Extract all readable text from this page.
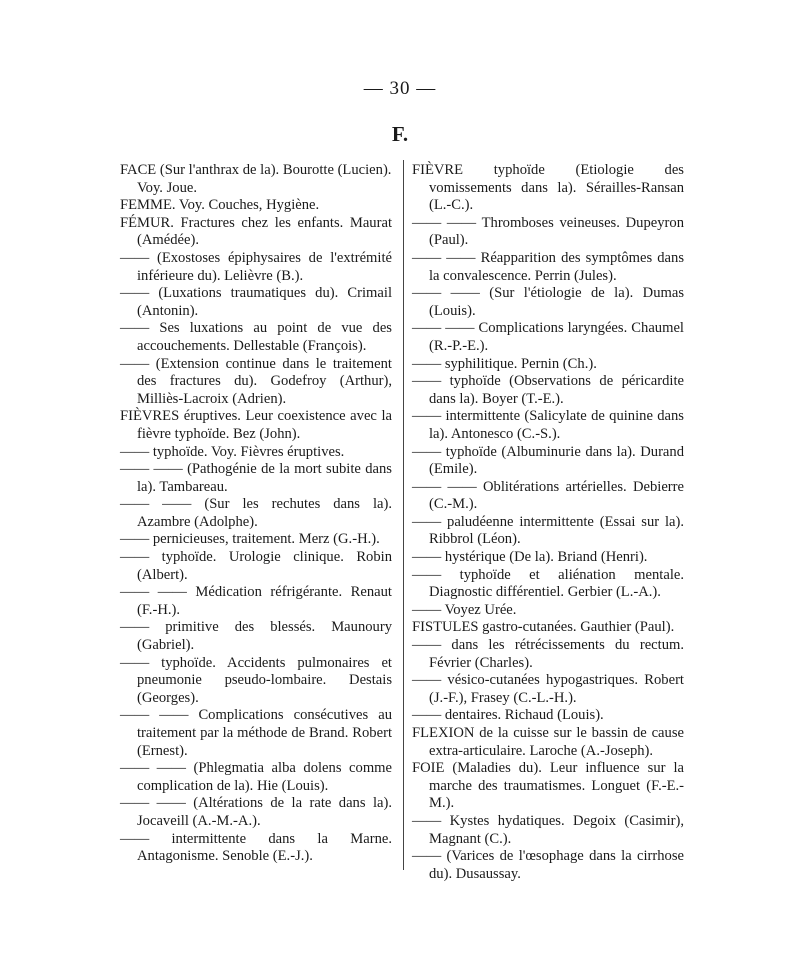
— 30 —
F.

FACE (Sur l'anthrax de la). Bourotte (Lucien).

Voy. Joue.

FEMME. Voy. Couches, Hygiène.

FÉMUR. Fractures chez les enfants. Maurat (Amédée).

—— (Exostoses épiphysaires de l'extrémité inférieure du). Lelièvre (B.).

—— (Luxations traumatiques du). Crimail (Antonin).

—— Ses luxations au point de vue des accouchements. Dellestable (François).

—— (Extension continue dans le traitement des fractures du). Godefroy (Arthur), Milliès-Lacroix (Adrien).

FIÈVRES éruptives. Leur coexistence avec la fièvre typhoïde. Bez (John).

—— typhoïde. Voy. Fièvres éruptives.

—— —— (Pathogénie de la mort subite dans la). Tambareau.

—— —— (Sur les rechutes dans la). Azambre (Adolphe).

—— pernicieuses, traitement. Merz (G.-H.).

—— typhoïde. Urologie clinique. Robin (Albert).

—— —— Médication réfrigérante. Renaut (F.-H.).

—— primitive des blessés. Maunoury (Gabriel).

—— typhoïde. Accidents pulmonaires et pneumonie pseudo-lombaire. Destais (Georges).

—— —— Complications consécutives au traitement par la méthode de Brand. Robert (Ernest).

—— —— (Phlegmatia alba dolens comme complication de la). Hie (Louis).

—— —— (Altérations de la rate dans la). Jocaveill (A.-M.-A.).

—— intermittente dans la Marne. Antagonisme. Senoble (E.-J.).

FIÈVRE typhoïde (Etiologie des vomissements dans la). Sérailles-Ransan (L.-C.).

—— —— Thromboses veineuses. Dupeyron (Paul).

—— —— Réapparition des symptômes dans la convalescence. Perrin (Jules).

—— —— (Sur l'étiologie de la). Dumas (Louis).

—— —— Complications laryngées. Chaumel (R.-P.-E.).

—— syphilitique. Pernin (Ch.).

—— typhoïde (Observations de péricardite dans la). Boyer (T.-E.).

—— intermittente (Salicylate de quinine dans la). Antonesco (C.-S.).

—— typhoïde (Albuminurie dans la). Durand (Emile).

—— —— Oblitérations artérielles. Debierre (C.-M.).

—— paludéenne intermittente (Essai sur la). Ribbrol (Léon).

—— hystérique (De la). Briand (Henri).

—— typhoïde et aliénation mentale. Diagnostic différentiel. Gerbier (L.-A.).

—— Voyez Urée.

FISTULES gastro-cutanées. Gauthier (Paul).

—— dans les rétrécissements du rectum. Février (Charles).

—— vésico-cutanées hypogastriques. Robert (J.-F.), Frasey (C.-L.-H.).

—— dentaires. Richaud (Louis).

FLEXION de la cuisse sur le bassin de cause extra-articulaire. Laroche (A.-Joseph).

FOIE (Maladies du). Leur influence sur la marche des traumatismes. Longuet (F.-E.-M.).

—— Kystes hydatiques. Degoix (Casimir), Magnant (C.).

—— (Varices de l'œsophage dans la cirrhose du). Dusaussay.
